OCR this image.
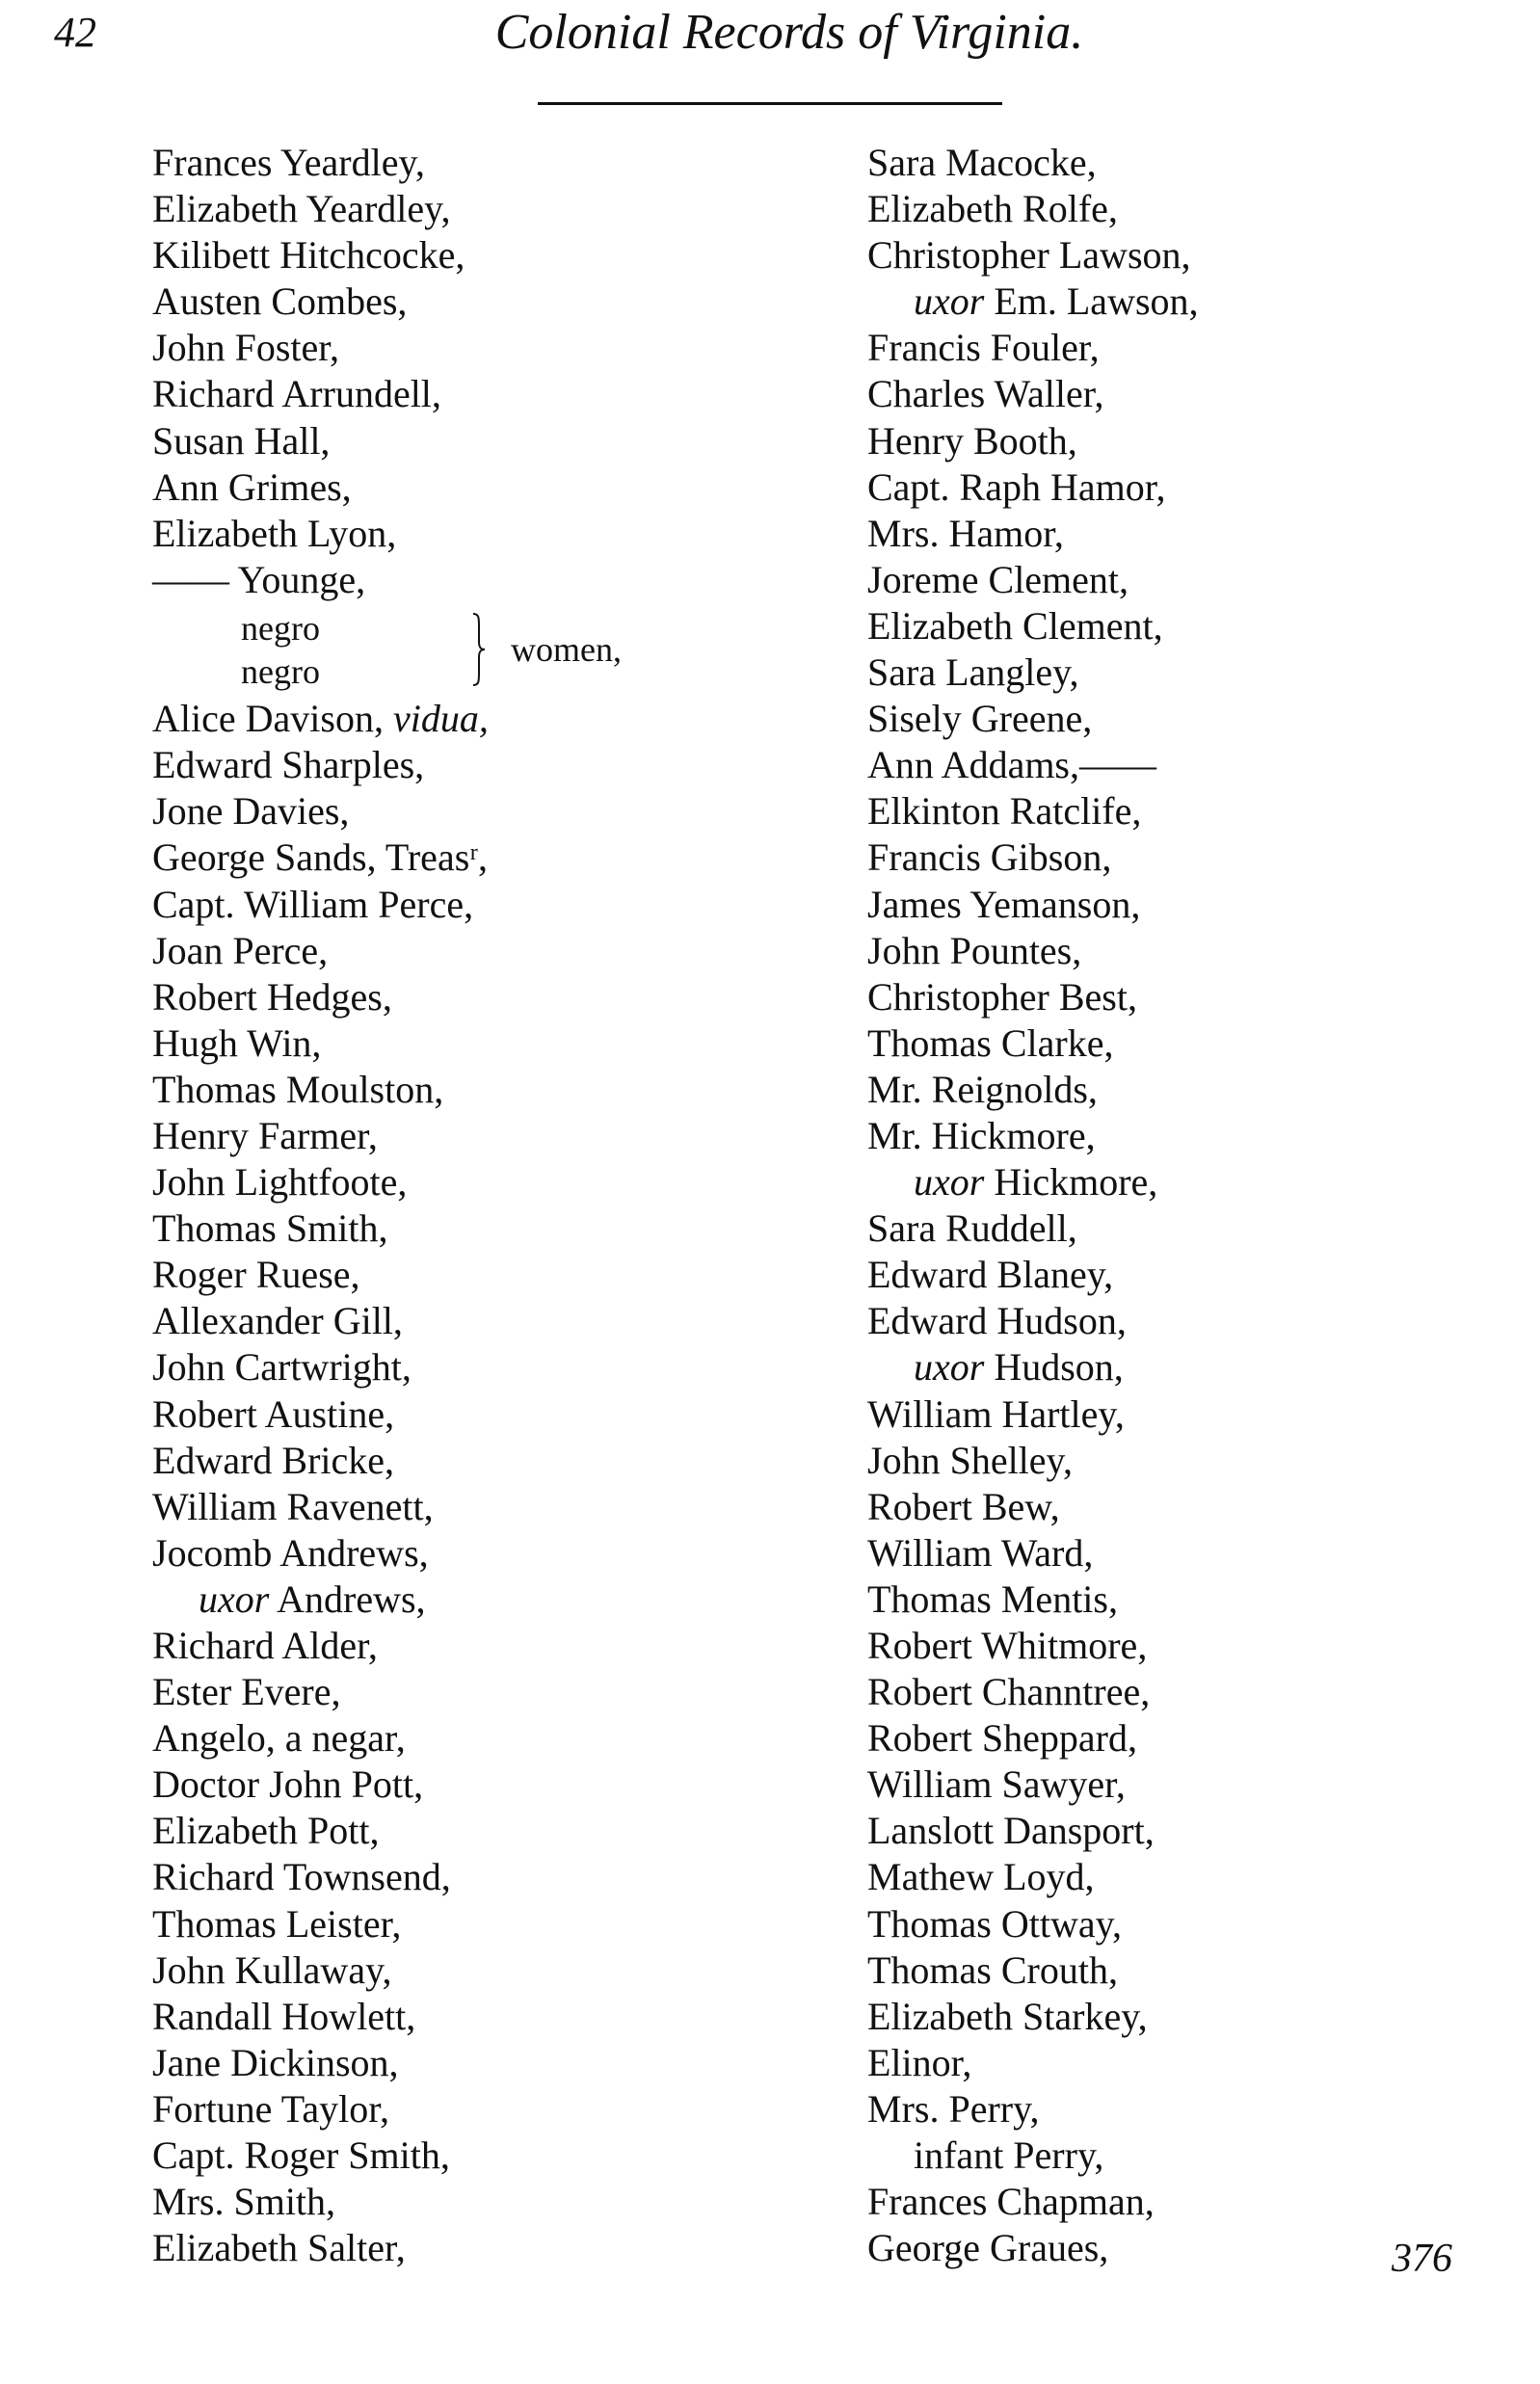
42	Colonial Records of Virginia.
Frances Yeardley,
Elizabeth Yeardley,
Kilibett Hitchcocke,
Austen Combes,
John Foster,
Richard Arrundell,
Susan Hall,
Ann Grimes,
Elizabeth Lyon,
—— Younge,
negro
negro
women,
Alice Davison, vidua,
Edward Sharples,
Jone Davies,
George Sands, Treasʳ,
Capt. William Perce,
Joan Perce,
Robert Hedges,
Hugh Win,
Thomas Moulston,
Henry Farmer,
John Lightfoote,
Thomas Smith,
Roger Ruese,
Allexander Gill,
John Cartwright,
Robert Austine,
Edward Bricke,
William Ravenett,
Jocomb Andrews,
uxor Andrews,
Richard Alder,
Ester Evere,
Angelo, a negar,
Doctor John Pott,
Elizabeth Pott,
Richard Townsend,
Thomas Leister,
John Kullaway,
Randall Howlett,
Jane Dickinson,
Fortune Taylor,
Capt. Roger Smith,
Mrs. Smith,
Elizabeth Salter,
Sara Macocke,
Elizabeth Rolfe,
Christopher Lawson,
uxor Em. Lawson,
Francis Fouler,
Charles Waller,
Henry Booth,
Capt. Raph Hamor,
Mrs. Hamor,
Joreme Clement,
Elizabeth Clement,
Sara Langley,
Sisely Greene,
Ann Addams,——
Elkinton Ratclife,
Francis Gibson,
James Yemanson,
John Pountes,
Christopher Best,
Thomas Clarke,
Mr. Reignolds,
Mr. Hickmore,
uxor Hickmore,
Sara Ruddell,
Edward Blaney,
Edward Hudson,
uxor Hudson,
William Hartley,
John Shelley,
Robert Bew,
William Ward,
Thomas Mentis,
Robert Whitmore,
Robert Channtree,
Robert Sheppard,
William Sawyer,
Lanslott Dansport,
Mathew Loyd,
Thomas Ottway,
Thomas Crouth,
Elizabeth Starkey,
Elinor,
Mrs. Perry,
infant Perry,
Frances Chapman,
George Graues,	376
